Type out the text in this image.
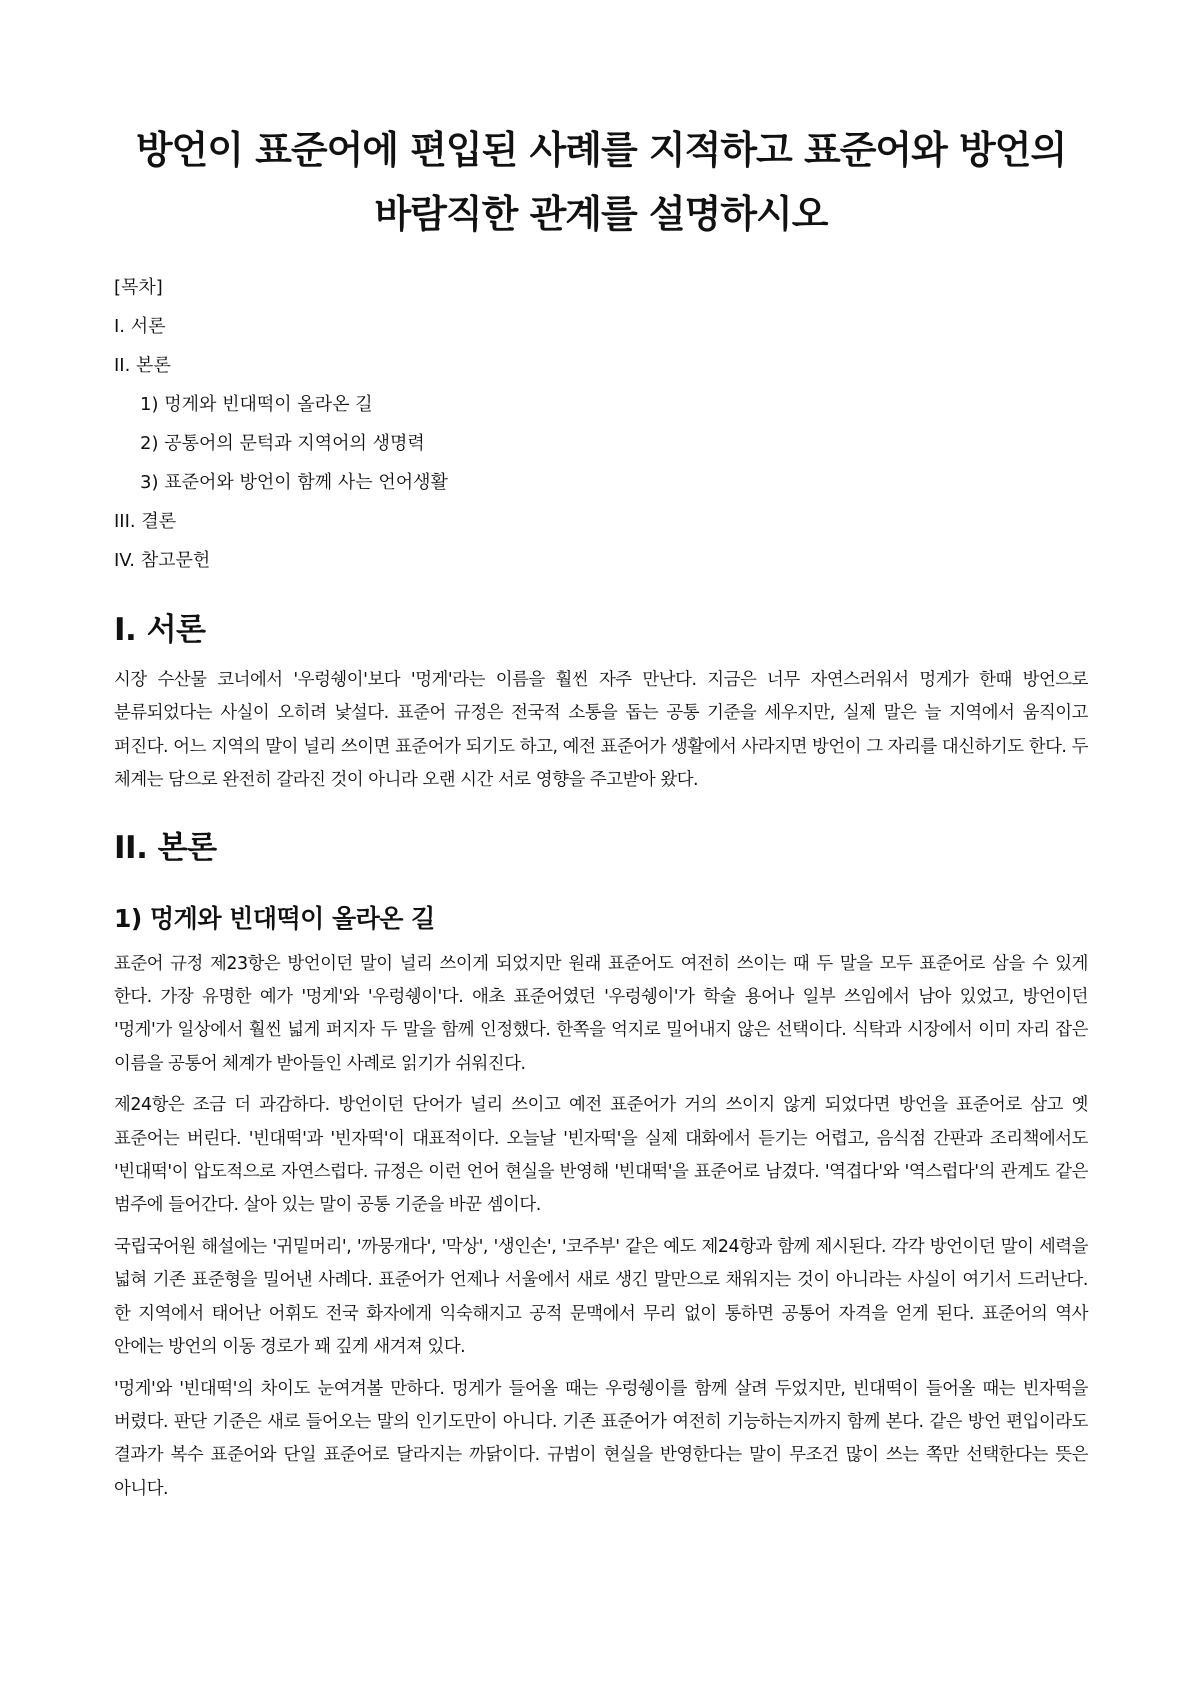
방언이 표준어에 편입된 사례를 지적하고 표준어와 방언의 바람직한 관계를 설명하시오
[목차]
I. 서론
II. 본론
1) 멍게와 빈대떡이 올라온 길
2) 공통어의 문턱과 지역어의 생명력
3) 표준어와 방언이 함께 사는 언어생활
III. 결론
IV. 참고문헌
I. 서론

시장 수산물 코너에서 '우렁쉥이'보다 '멍게'라는 이름을 훨씬 자주 만난다. 지금은 너무 자연스러워서 멍게가 한때 방언으로 분류되었다는 사실이 오히려 낯설다. 표준어 규정은 전국적 소통을 돕는 공통 기준을 세우지만, 실제 말은 늘 지역에서 움직이고 퍼진다. 어느 지역의 말이 널리 쓰이면 표준어가 되기도 하고, 예전 표준어가 생활에서 사라지면 방언이 그 자리를 대신하기도 한다. 두 체계는 담으로 완전히 갈라진 것이 아니라 오랜 시간 서로 영향을 주고받아 왔다.

II. 본론
1) 멍게와 빈대떡이 올라온 길

표준어 규정 제23항은 방언이던 말이 널리 쓰이게 되었지만 원래 표준어도 여전히 쓰이는 때 두 말을 모두 표준어로 삼을 수 있게 한다. 가장 유명한 예가 '멍게'와 '우렁쉥이'다. 애초 표준어였던 '우렁쉥이'가 학술 용어나 일부 쓰임에서 남아 있었고, 방언이던 '멍게'가 일상에서 훨씬 넓게 퍼지자 두 말을 함께 인정했다. 한쪽을 억지로 밀어내지 않은 선택이다. 식탁과 시장에서 이미 자리 잡은 이름을 공통어 체계가 받아들인 사례로 읽기가 쉬워진다.

제24항은 조금 더 과감하다. 방언이던 단어가 널리 쓰이고 예전 표준어가 거의 쓰이지 않게 되었다면 방언을 표준어로 삼고 옛 표준어는 버린다. '빈대떡'과 '빈자떡'이 대표적이다. 오늘날 '빈자떡'을 실제 대화에서 듣기는 어렵고, 음식점 간판과 조리책에서도 '빈대떡'이 압도적으로 자연스럽다. 규정은 이런 언어 현실을 반영해 '빈대떡'을 표준어로 남겼다. '역겹다'와 '역스럽다'의 관계도 같은 범주에 들어간다. 살아 있는 말이 공통 기준을 바꾼 셈이다.

국립국어원 해설에는 '귀밑머리', '까뭉개다', '막상', '생인손', '코주부' 같은 예도 제24항과 함께 제시된다. 각각 방언이던 말이 세력을 넓혀 기존 표준형을 밀어낸 사례다. 표준어가 언제나 서울에서 새로 생긴 말만으로 채워지는 것이 아니라는 사실이 여기서 드러난다. 한 지역에서 태어난 어휘도 전국 화자에게 익숙해지고 공적 문맥에서 무리 없이 통하면 공통어 자격을 얻게 된다. 표준어의 역사 안에는 방언의 이동 경로가 꽤 깊게 새겨져 있다.

'멍게'와 '빈대떡'의 차이도 눈여겨볼 만하다. 멍게가 들어올 때는 우렁쉥이를 함께 살려 두었지만, 빈대떡이 들어올 때는 빈자떡을 버렸다. 판단 기준은 새로 들어오는 말의 인기도만이 아니다. 기존 표준어가 여전히 기능하는지까지 함께 본다. 같은 방언 편입이라도 결과가 복수 표준어와 단일 표준어로 달라지는 까닭이다. 규범이 현실을 반영한다는 말이 무조건 많이 쓰는 쪽만 선택한다는 뜻은 아니다.
